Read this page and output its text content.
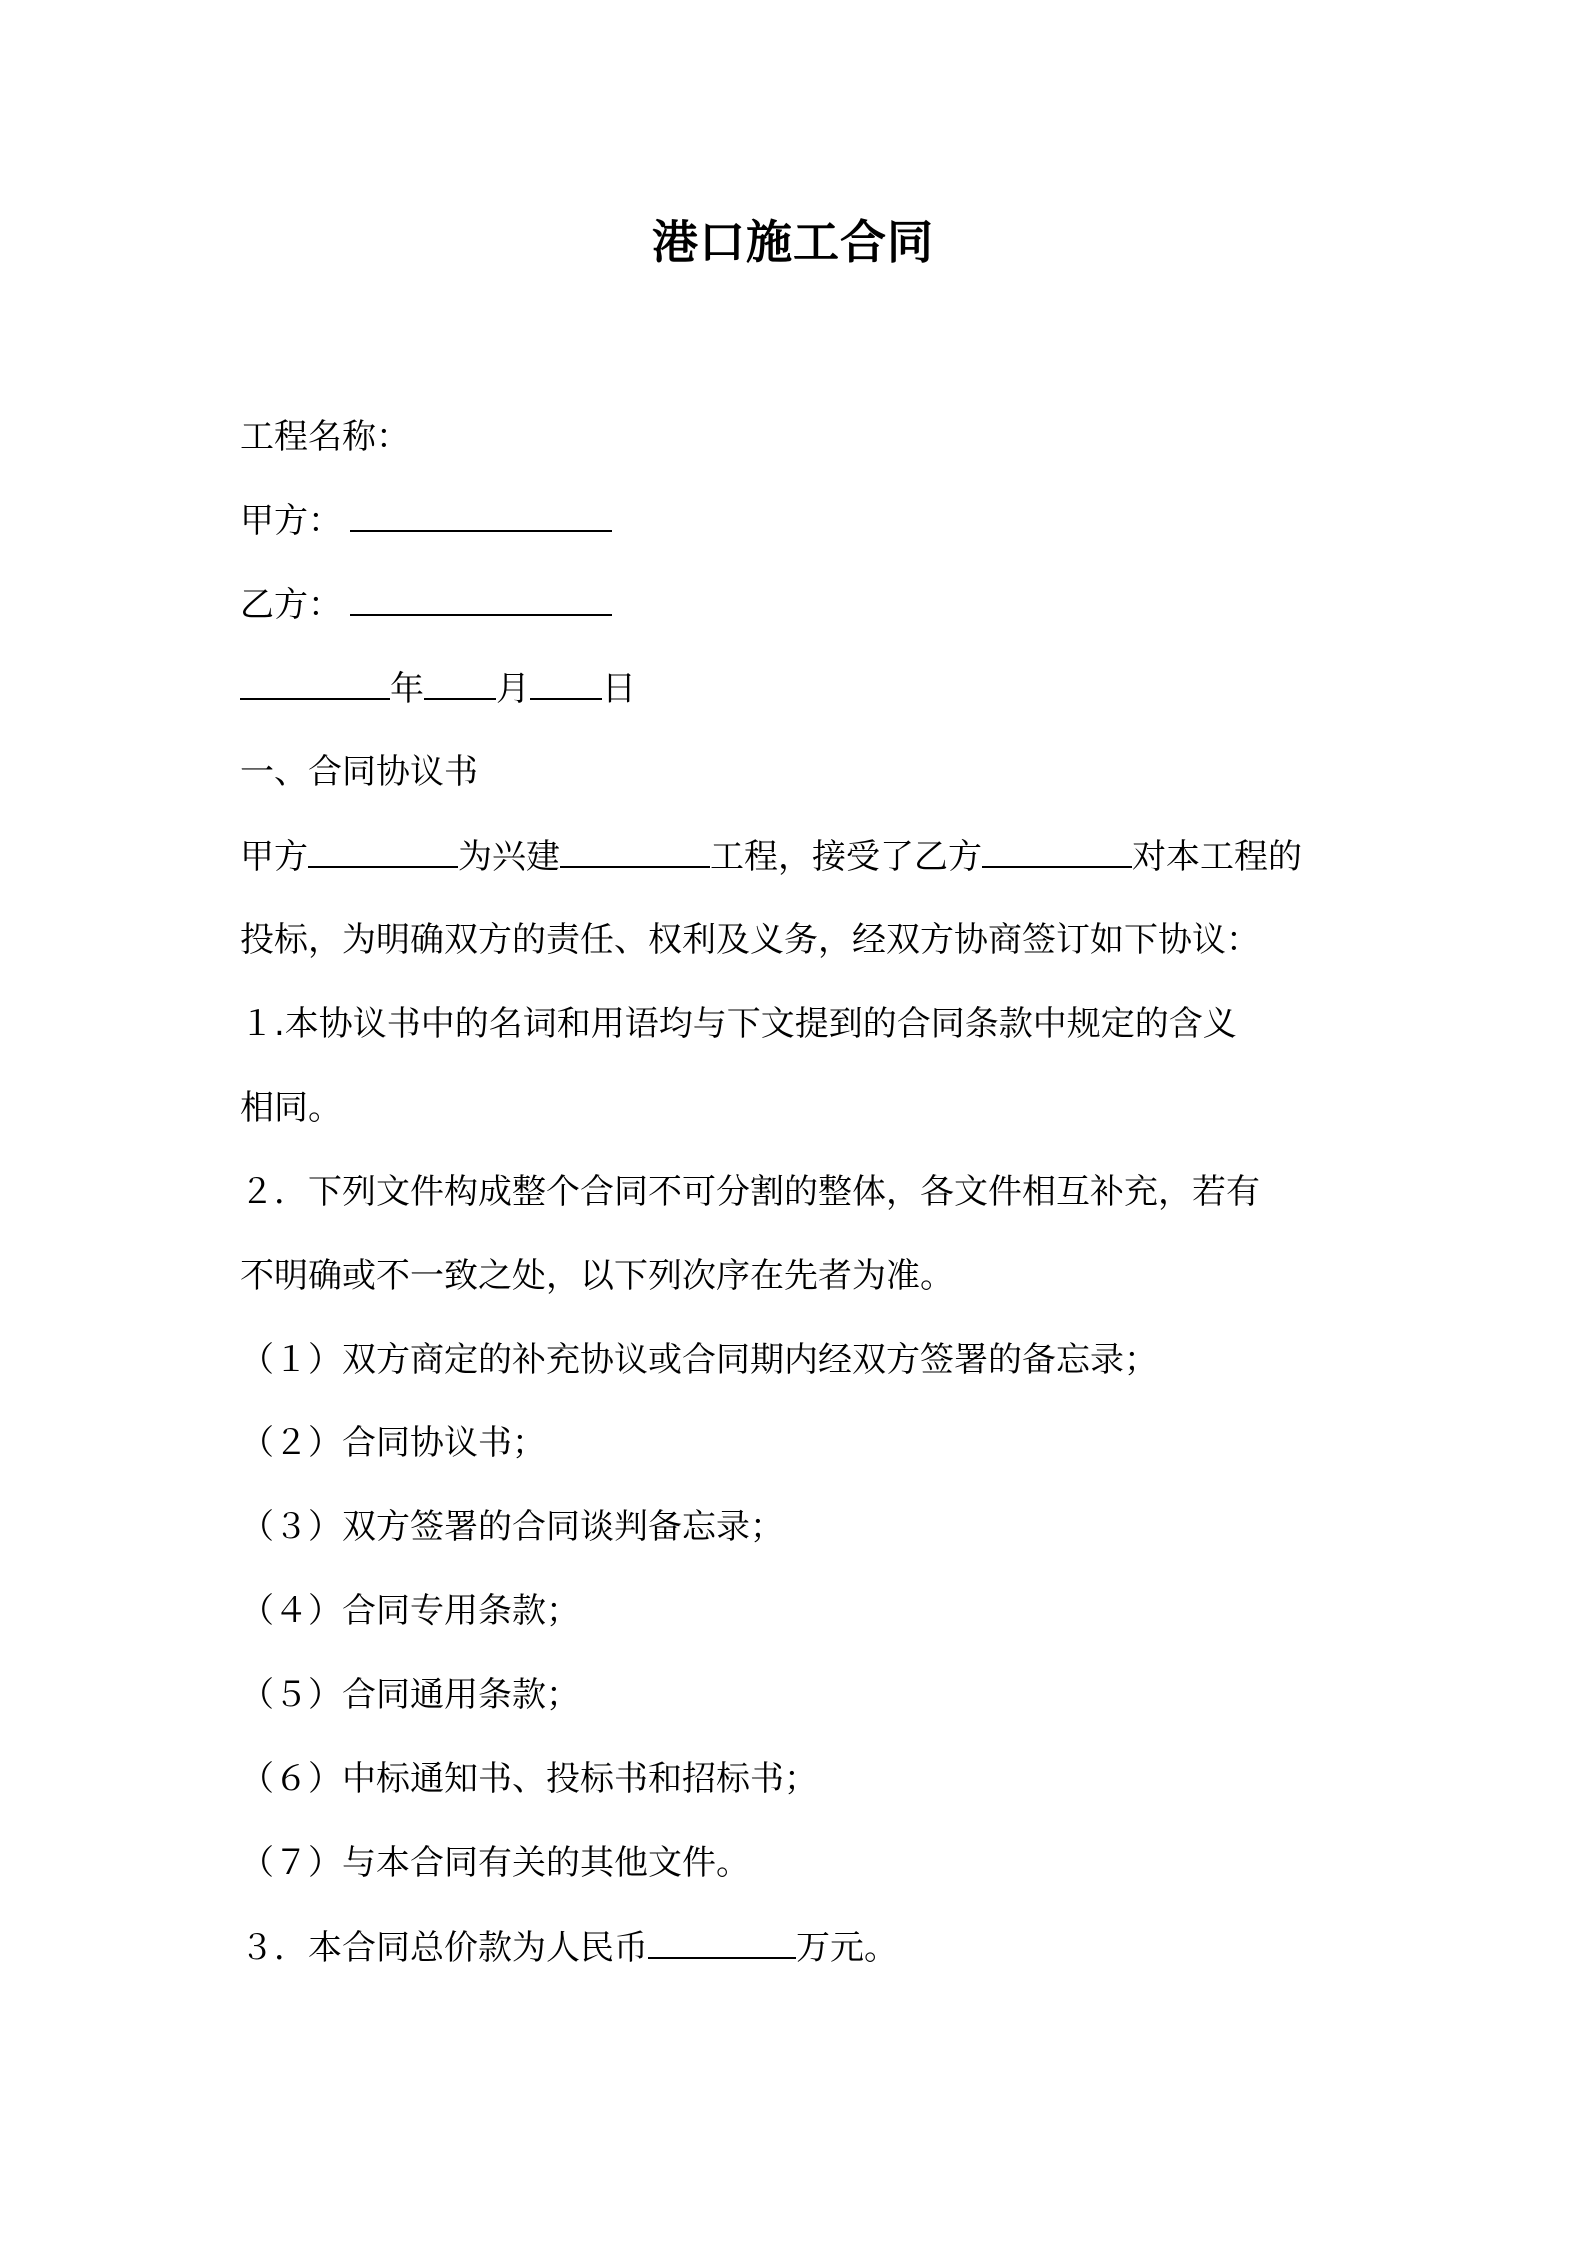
港口施工合同
工程名称：
甲方：
乙方：
年 月 日
一、合同协议书
甲方	为兴建	工程，接受了乙方	对本工程的
投标，为明确双方的责任、权利及义务，经双方协商签订如下协议：
１.本协议书中的名词和用语均与下文提到的合同条款中规定的含义
相同。
２．下列文件构成整个合同不可分割的整体，各文件相互补充，若有
不明确或不一致之处，以下列次序在先者为准。
（１）双方商定的补充协议或合同期内经双方签署的备忘录；
（２）合同协议书；
（３）双方签署的合同谈判备忘录；
（４）合同专用条款；
（５）合同通用条款；
（６）中标通知书、投标书和招标书；
（７）与本合同有关的其他文件。
３．本合同总价款为人民币	万元。
